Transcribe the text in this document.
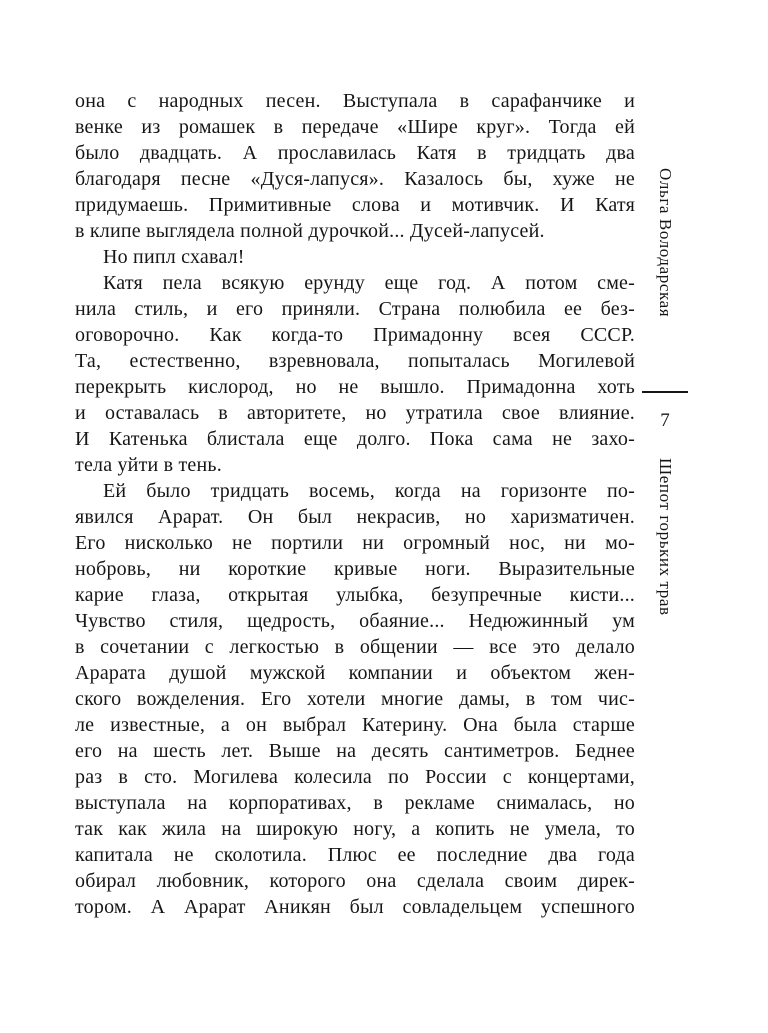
она с народных песен. Выступала в сарафанчике и
венке из ромашек в передаче «Шире круг». Тогда ей
было двадцать. А прославилась Катя в тридцать два
благодаря песне «Дуся-лапуся». Казалось бы, хуже не
придумаешь. Примитивные слова и мотивчик. И Катя
в клипе выглядела полной дурочкой... Дусей-лапусей.
Но пипл схавал!
Катя пела всякую ерунду еще год. А потом сме-
нила стиль, и его приняли. Страна полюбила ее без-
оговорочно. Как когда-то Примадонну всея СССР.
Та, естественно, взревновала, попыталась Могилевой
перекрыть кислород, но не вышло. Примадонна хоть
и оставалась в авторитете, но утратила свое влияние.
И Катенька блистала еще долго. Пока сама не захо-
тела уйти в тень.
Ей было тридцать восемь, когда на горизонте по-
явился Арарат. Он был некрасив, но харизматичен.
Его нисколько не портили ни огромный нос, ни мо-
нобровь, ни короткие кривые ноги. Выразительные
карие глаза, открытая улыбка, безупречные кисти...
Чувство стиля, щедрость, обаяние... Недюжинный ум
в сочетании с легкостью в общении — все это делало
Арарата душой мужской компании и объектом жен-
ского вожделения. Его хотели многие дамы, в том чис-
ле известные, а он выбрал Катерину. Она была старше
его на шесть лет. Выше на десять сантиметров. Беднее
раз в сто. Могилева колесила по России с концертами,
выступала на корпоративах, в рекламе снималась, но
так как жила на широкую ногу, а копить не умела, то
капитала не сколотила. Плюс ее последние два года
обирал любовник, которого она сделала своим дирек-
тором. А Арарат Аникян был совладельцем успешного
Ольга Володарская
7
Шепот горьких трав
